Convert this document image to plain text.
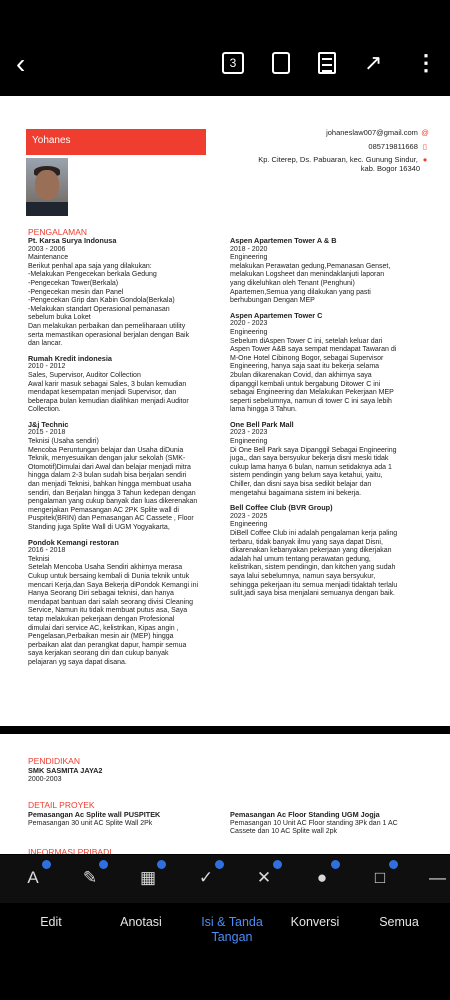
‹	3	↗ ⋮
Yohanes
johaneslaw007@gmail.com @
085719811668 ▯
Kp. Citerep, Ds. Pabuaran, kec. Gunung Sindur, ●
kab. Bogor 16340
PENGALAMAN
Pt. Karsa Surya Indonusa
2003 - 2006
Maintenance
Berikut penhal apa saja yang dilakukan:
-Melakukan Pengecekan berkala Gedung
-Pengecekan Tower(Berkala)
-Pengecekan mesin dan Panel
-Pengecekan Grip dan Kabin Gondola(Berkala)
-Melakukan standart Operasional pemanasan
sebelum buka Loket
Dan melakukan perbaikan dan pemeliharaan utility
serta memastikan operasional berjalan dengan Baik
dan lancar.
Rumah Kredit indonesia
2010 - 2012
Sales, Supervisor, Auditor Collection
Awal karir masuk sebagai Sales, 3 bulan kemudian
mendapat kesempatan menjadi Supervisor, dan
beberapa bulan kemudian dialihkan menjadi Auditor
Collection.
J&j Technic
2015 - 2018
Teknisi (Usaha sendiri)
Mencoba Peruntungan belajar dan Usaha diDunia
Teknik, menyesuaikan dengan jalur sekolah (SMK-
Otomotif)Dimulai dari Awal dan belajar menjadi mitra
hingga dalam 2-3 bulan sudah bisa berjalan sendiri
dan menjadi Teknisi, bahkan hingga membuat usaha
sendiri, dan Berjalan hingga 3 Tahun kedepan dengan
pengalaman yang cukup banyak dan luas dikerenakan
mengerjakan Pemasangan AC 2PK Splite wall di
Puspitek(BRIN) dan Pemasangan AC Cassete , Floor
Standing juga Splite Wall di UGM Yogyakarta,
Pondok Kemangi restoran
2016 - 2018
Teknisi
Setelah Mencoba Usaha Sendiri akhirnya merasa
Cukup untuk bersaing kembali di Dunia teknik untuk
mencari Kerja,dan Saya Bekerja diPondok Kemangi ini
Hanya Seorang Diri sebagai teknisi, dan hanya
mendapat bantuan dari salah seorang divisi Cleaning
Service, Namun itu tidak membuat putus asa, Saya
tetap melakukan pekerjaan dengan Profesional
dimulai dari service AC, kelistrikan, Kipas angin ,
Pengelasan,Perbaikan mesin air (MEP) hingga
perbaikan alat dan perangkat dapur, hampir semua
saya kerjakan seorang diri dan cukup banyak
pelajaran yg saya dapat disana.
Aspen Apartemen Tower A & B
2018 - 2020
Engineering
melakukan Perawatan gedung,Pemanasan Genset,
melakukan Logsheet dan menindaklanjuti laporan
yang dikeluhkan oleh Tenant (Penghuni)
Apartemen,Semua yang dilakukan yang pasti
berhubungan Dengan MEP
Aspen Apartemen Tower C
2020 - 2023
Engineering
Sebelum diAspen Tower C ini, setelah keluar dari
Aspen Tower A&B saya sempat mendapat Tawaran di
M-One Hotel Cibinong Bogor, sebagai Supervisor
Engineering, hanya saja saat itu bekerja selama
2bulan dikarenakan Covid, dan akhirnya saya
dipanggil kembali untuk bergabung Ditower C ini
sebagai Engineering dan Melakukan Pekerjaan MEP
seperti sebelumnya, namun di tower C ini saya lebih
lama hingga 3 Tahun.
One Bell Park Mall
2023 - 2023
Engineering
Di One Bell Park saya Dipanggil Sebagai Engineering
juga,, dan saya bersyukur bekerja disni meski tidak
cukup lama hanya 6 bulan, namun setidaknya ada 1
sistem pendingin yang belum saya ketahui, yaitu,
Chiller, dan disni saya bisa sedikit belajar dan
mengetahui bagaimana sistem ini bekerja.
Bell Coffee Club (BVR Group)
2023 - 2025
Engineering
DiBell Coffee Club ini adalah pengalaman kerja paling
terbaru, tidak banyak ilmu yang saya dapat Disni,
dikarenakan kebanyakan pekerjaan yang dikerjakan
adalah hal umum tentang perawatan gedung,
kelistrikan, sistem pendingin, dan kitchen yang sudah
saya lalui sebelumnya, namun saya bersyukur,
sehingga pekerjaan itu semua menjadi tidaktah terlalu
sulit,jadi saya bisa menjalani semuanya dengan baik.
PENDIDIKAN
SMK SASMITA JAYA2
2000-2003
DETAIL PROYEK
Pemasangan Ac Splite wall PUSPITEK
Pemasangan 30 unit AC Splite Wall 2Pk
Pemasangan Ac Floor Standing UGM Jogja
Pemasangan 10 Unit AC Floor standing 3Pk dan 1 AC
Cassete dan 10 AC Splite wall 2pk
INFORMASI PRIBADI
A	✎	▦	✓	✕	●	□	—
Edit	Anotasi	Isi & Tanda
Tangan
Konversi	Semua
